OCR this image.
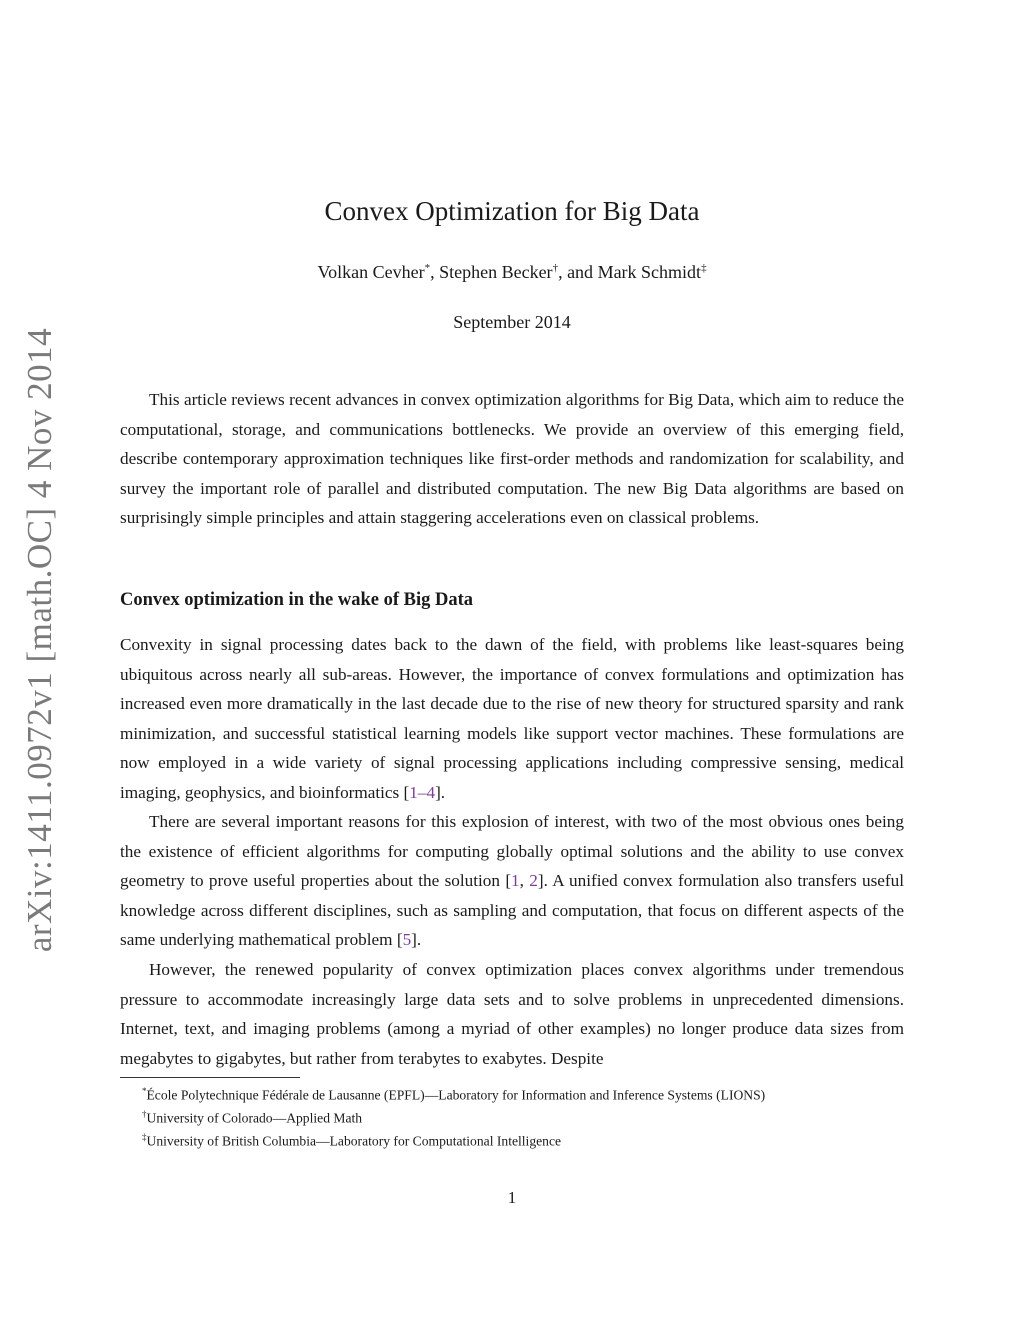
arXiv:1411.0972v1 [math.OC] 4 Nov 2014
Convex Optimization for Big Data
Volkan Cevher*, Stephen Becker†, and Mark Schmidt‡
September 2014

This article reviews recent advances in convex optimization algorithms for Big Data, which aim to reduce the computational, storage, and communications bottlenecks. We provide an overview of this emerging field, describe contemporary approximation techniques like first-order methods and randomization for scalability, and survey the important role of parallel and distributed computation. The new Big Data algorithms are based on surprisingly simple principles and attain staggering accelerations even on classical problems.

Convex optimization in the wake of Big Data

Convexity in signal processing dates back to the dawn of the field, with problems like least-squares being ubiquitous across nearly all sub-areas. However, the importance of convex formulations and optimization has increased even more dramatically in the last decade due to the rise of new theory for structured sparsity and rank minimization, and successful statistical learning models like support vector machines. These formulations are now employed in a wide variety of signal processing applications including compressive sensing, medical imaging, geophysics, and bioinformatics [1–4].

There are several important reasons for this explosion of interest, with two of the most obvious ones being the existence of efficient algorithms for computing globally optimal solutions and the ability to use convex geometry to prove useful properties about the solution [1, 2]. A unified convex formulation also transfers useful knowledge across different disciplines, such as sampling and computation, that focus on different aspects of the same underlying mathematical problem [5].

However, the renewed popularity of convex optimization places convex algorithms under tremendous pressure to accommodate increasingly large data sets and to solve problems in unprecedented dimensions. Internet, text, and imaging problems (among a myriad of other examples) no longer produce data sizes from megabytes to gigabytes, but rather from terabytes to exabytes. Despite

*École Polytechnique Fédérale de Lausanne (EPFL)—Laboratory for Information and Inference Systems (LIONS)
†University of Colorado—Applied Math
‡University of British Columbia—Laboratory for Computational Intelligence
1
